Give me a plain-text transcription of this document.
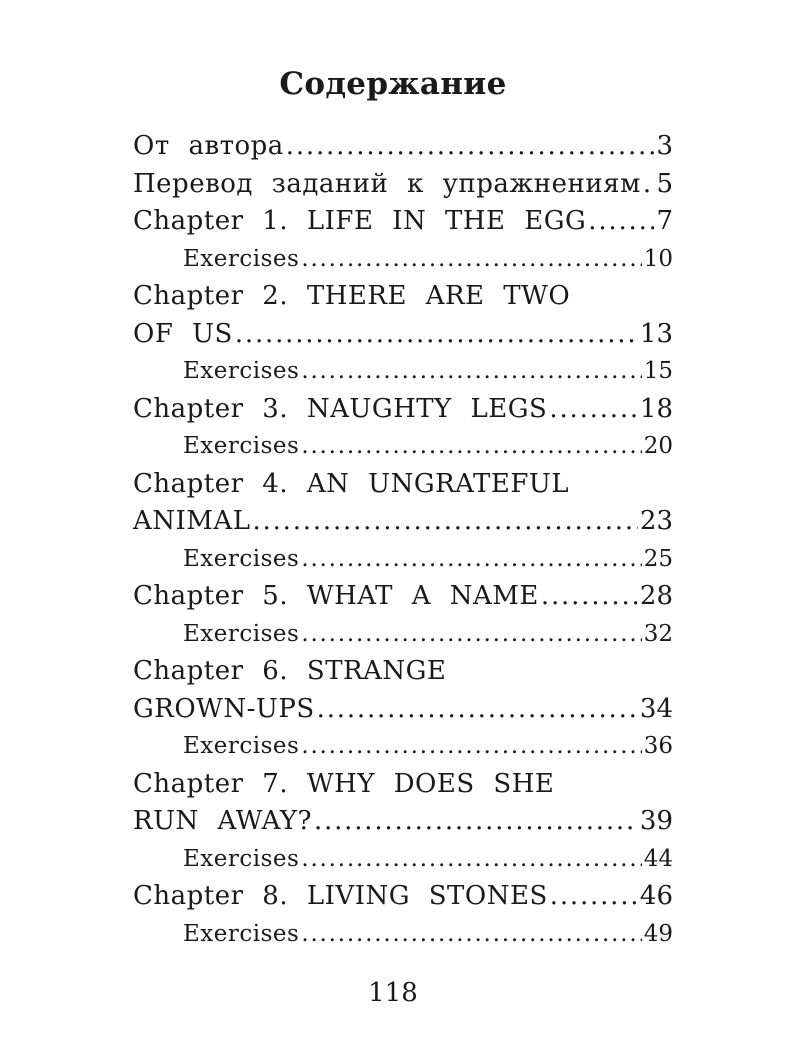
Содержание
От автора .....	3
Перевод заданий к упражнениям ..... 5
Chapter 1. LIFE IN THE EGG .....	7
Exercises .....	10
Chapter 2. THERE ARE TWO
OF US .....	13
Exercises .....	15
Chapter 3. NAUGHTY LEGS .....	18
Exercises .....	20
Chapter 4. AN UNGRATEFUL
ANIMAL .....	23
Exercises .....	25
Chapter 5. WHAT A NAME .....	28
Exercises .....	32
Chapter 6. STRANGE
GROWN-UPS .....	34
Exercises .....	36
Chapter 7. WHY DOES SHE
RUN AWAY? .....	39
Exercises .....	44
Chapter 8. LIVING STONES .....	46
Exercises .....	49
118
